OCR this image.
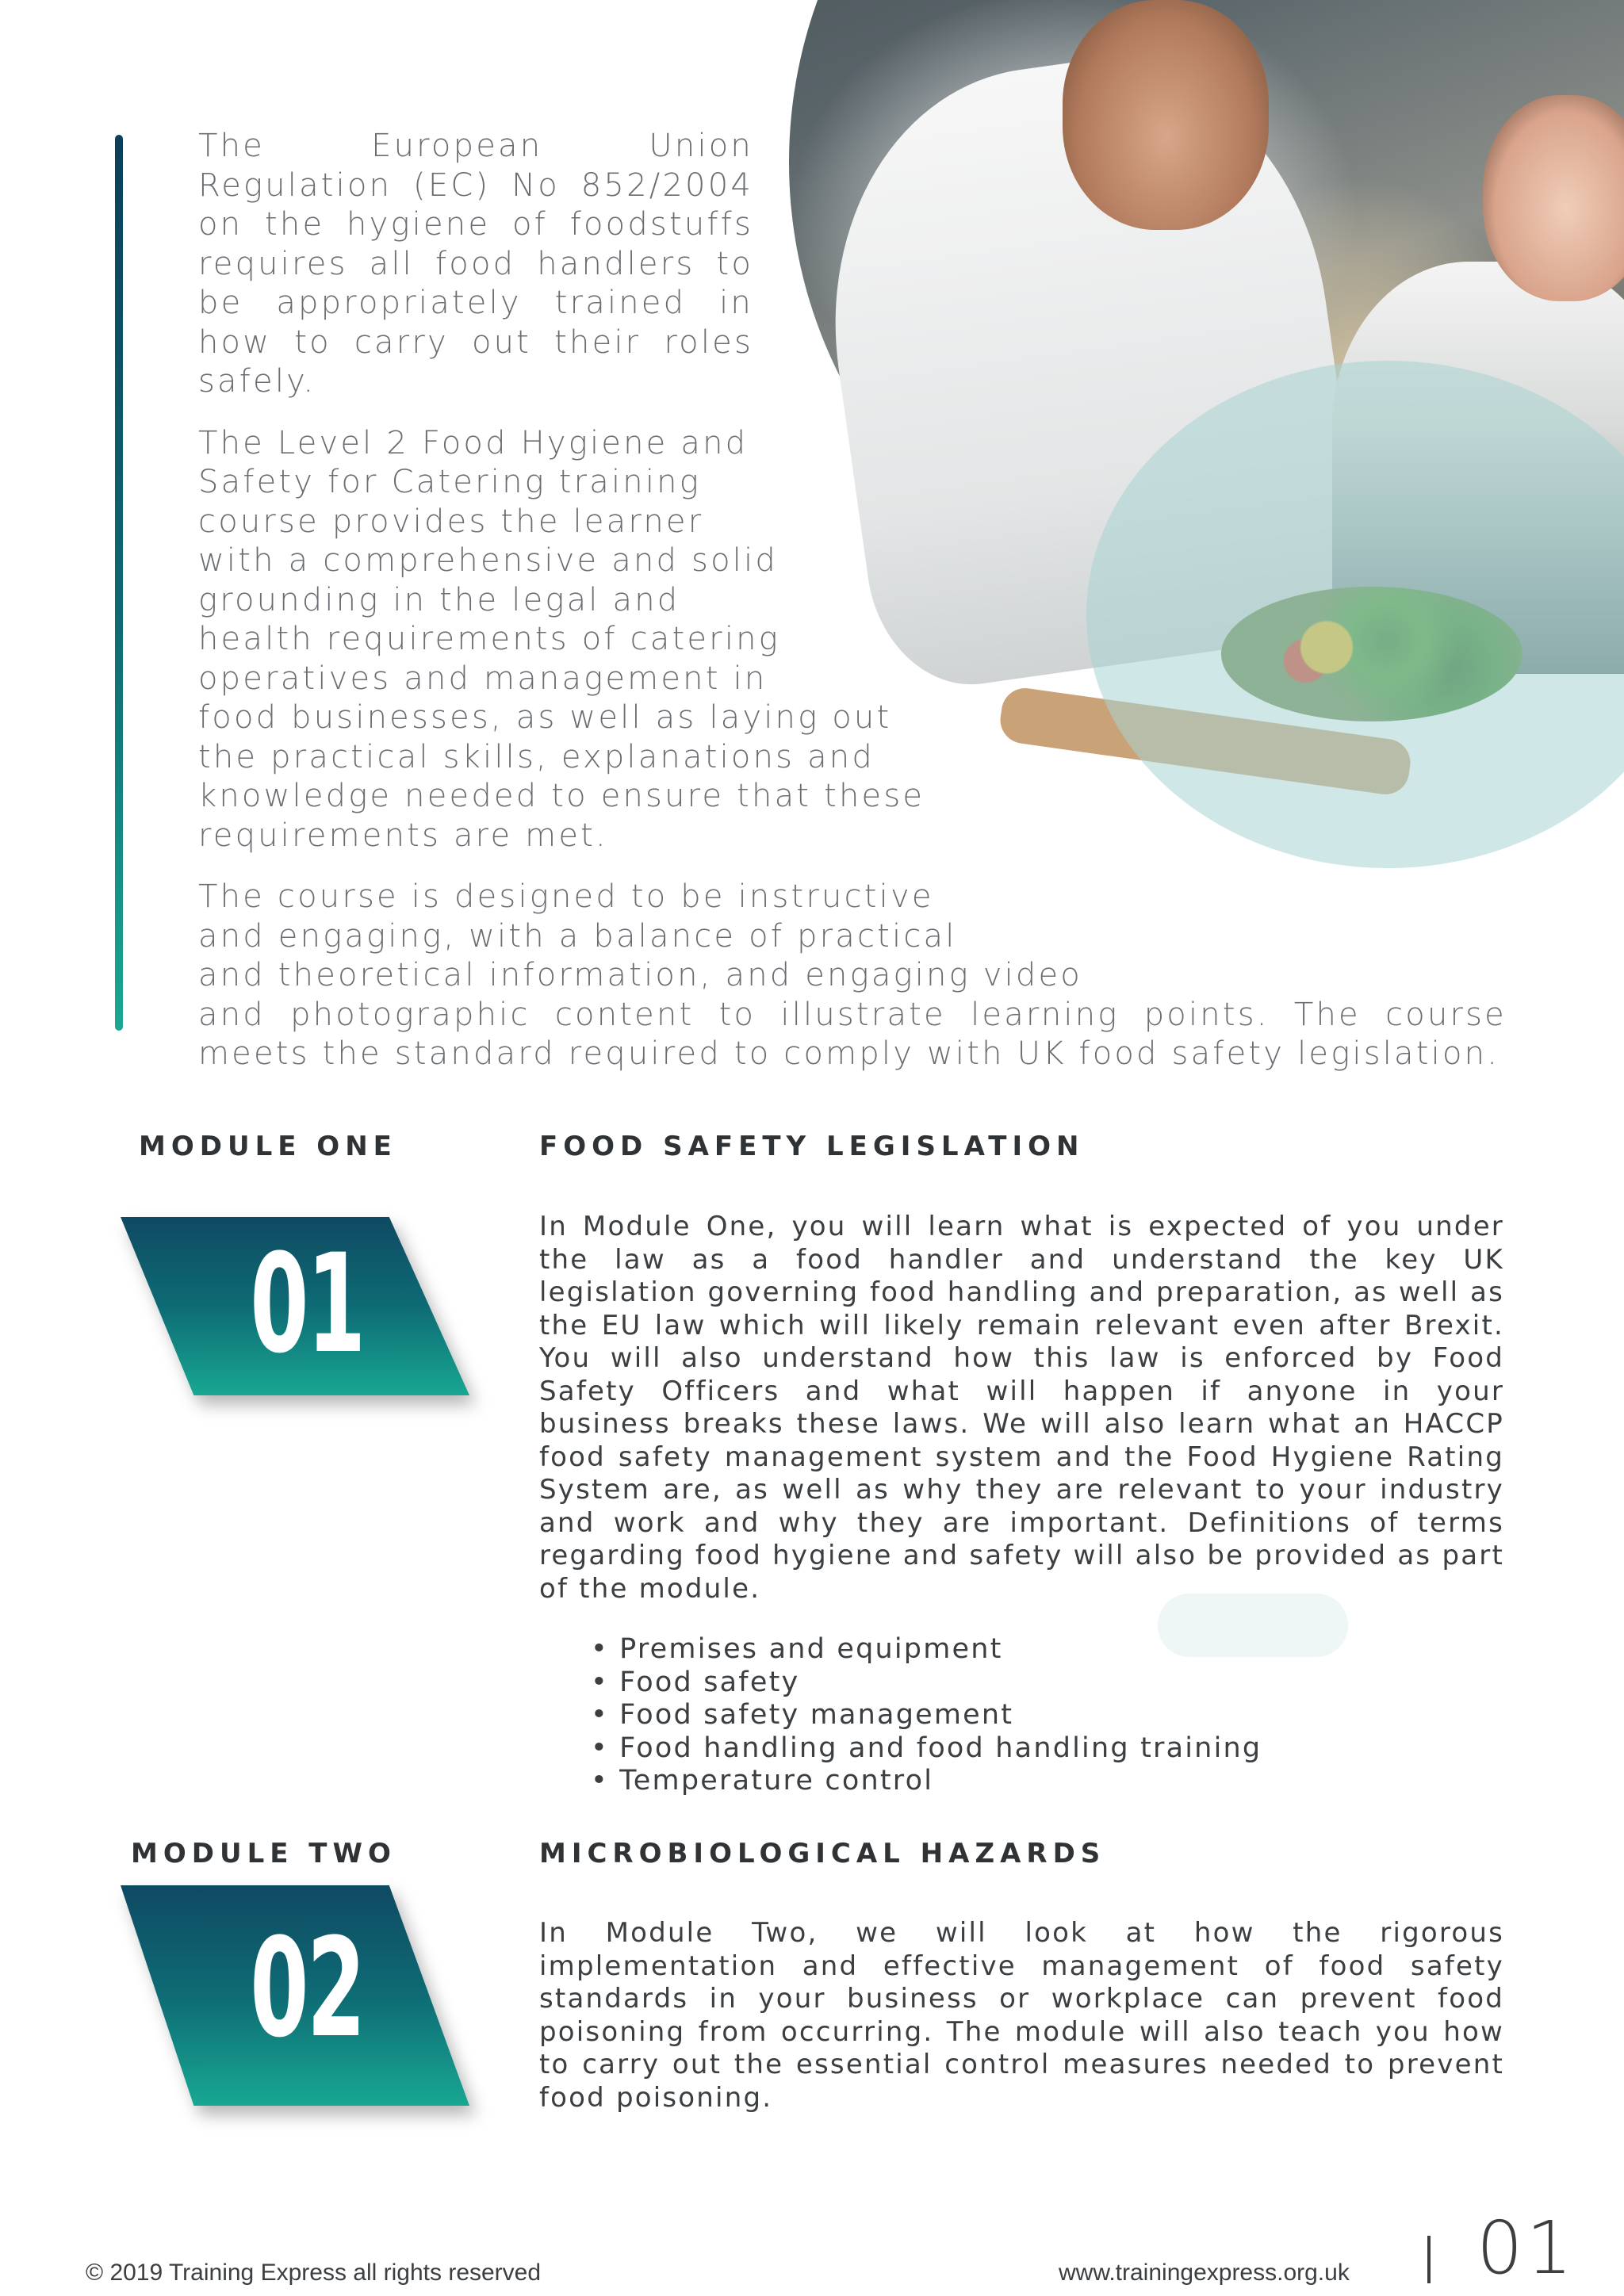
The European Union Regulation (EC) No 852/2004 on the hygiene of foodstuffs requires all food handlers to be appropriately trained in how to carry out their roles safely.

The Level 2 Food Hygiene and
Safety for Catering training
course provides the learner
with a comprehensive and solid
grounding in the legal and
health requirements of catering
operatives and management in
food businesses, as well as laying out
the practical skills, explanations and
knowledge needed to ensure that these
requirements are met.

The course is designed to be instructive
and engaging, with a balance of practical
and theoretical information, and engaging video
and photographic content to illustrate learning points. The course
meets the standard required to comply with UK food safety legislation.

MODULE ONE	FOOD SAFETY LEGISLATION
01	In Module One, you will learn what is expected of you under the law as a food handler and understand the key UK legislation governing food handling and preparation, as well as the EU law which will likely remain relevant even after Brexit. You will also understand how this law is enforced by Food Safety Officers and what will happen if anyone in your business breaks these laws. We will also learn what an HACCP food safety management system and the Food Hygiene Rating System are, as well as why they are relevant to your industry and work and why they are important. Definitions of terms regarding food hygiene and safety will also be provided as part of the module.

• Premises and equipment
• Food safety
• Food safety management
• Food handling and food handling training
• Temperature control
MODULE TWO	MICROBIOLOGICAL HAZARDS
02	In Module Two, we will look at how the rigorous implementation and effective management of food safety standards in your business or workplace can prevent food poisoning from occurring. The module will also teach you how to carry out the essential control measures needed to prevent food poisoning.

© 2019 Training Express all rights reserved	www.trainingexpress.org.uk 01
